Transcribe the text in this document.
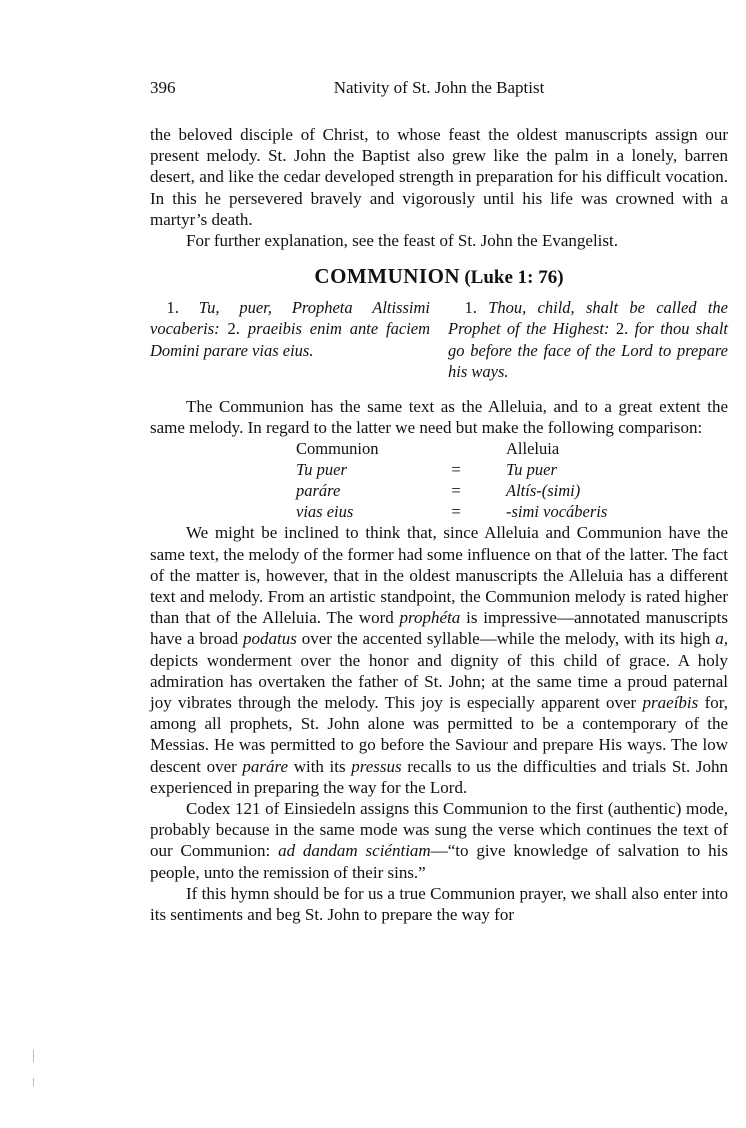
396	Nativity of St. John the Baptist

the beloved disciple of Christ, to whose feast the oldest manuscripts assign our present melody. St. John the Baptist also grew like the palm in a lonely, barren desert, and like the cedar developed strength in preparation for his difficult vocation. In this he persevered bravely and vigorously until his life was crowned with a martyr’s death.

For further explanation, see the feast of St. John the Evangelist.

COMMUNION (Luke 1: 76)
 1. Tu, puer, Propheta Altissimi vocaberis: 2. praeibis enim ante faciem Domini parare vias eius.
 1. Thou, child, shalt be called the Prophet of the Highest: 2. for thou shalt go before the face of the Lord to prepare his ways.

The Communion has the same text as the Alleluia, and to a great extent the same melody. In regard to the latter we need but make the following comparison:

Communion		Alleluia
Tu puer	=	Tu puer
paráre	=	Altís-(simi)
vias eius	=	-simi vocáberis

We might be inclined to think that, since Alleluia and Communion have the same text, the melody of the former had some influence on that of the latter. The fact of the matter is, however, that in the oldest manuscripts the Alleluia has a different text and melody. From an artistic standpoint, the Communion melody is rated higher than that of the Alleluia. The word prophéta is impressive—annotated manuscripts have a broad podatus over the accented syllable—while the melody, with its high a, depicts wonderment over the honor and dignity of this child of grace. A holy admiration has overtaken the father of St. John; at the same time a proud paternal joy vibrates through the melody. This joy is especially apparent over praeíbis for, among all prophets, St. John alone was permitted to be a contemporary of the Messias. He was permitted to go before the Saviour and prepare His ways. The low descent over paráre with its pressus recalls to us the difficulties and trials St. John experienced in preparing the way for the Lord.

Codex 121 of Einsiedeln assigns this Communion to the first (authentic) mode, probably because in the same mode was sung the verse which continues the text of our Communion: ad dandam sciéntiam—“to give knowledge of salvation to his people, unto the remission of their sins.”

If this hymn should be for us a true Communion prayer, we shall also enter into its sentiments and beg St. John to prepare the way for
